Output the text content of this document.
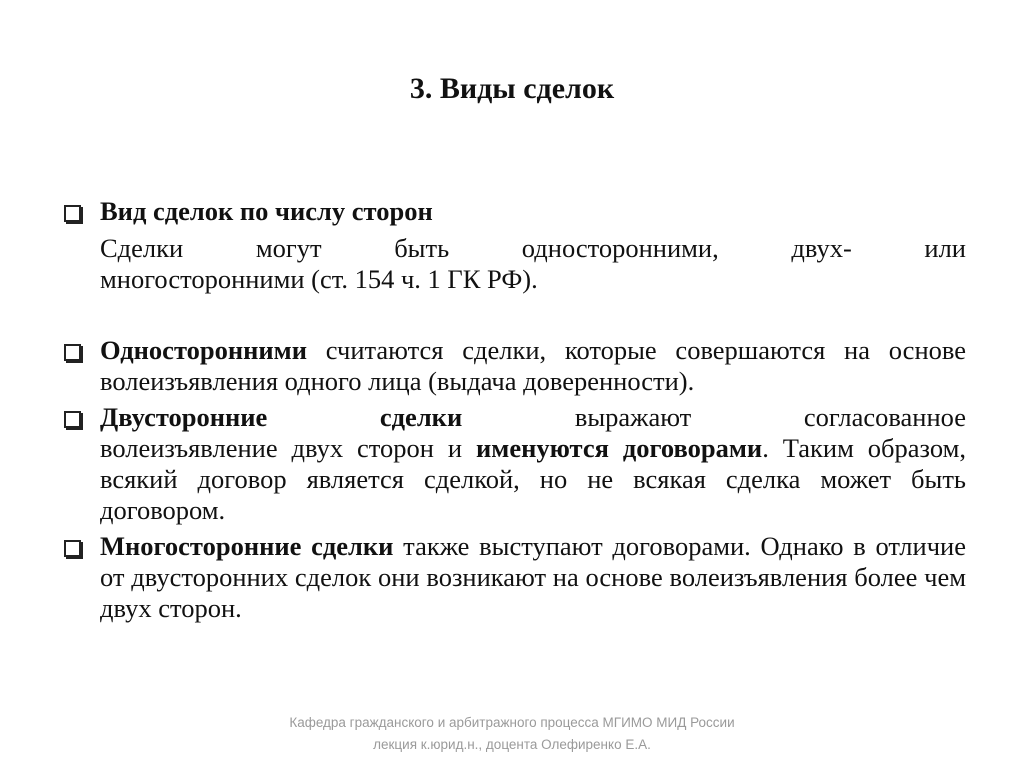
3. Виды сделок
Вид сделок по числу сторон
Сделки могут быть односторонними, двух- или
многосторонними (ст. 154 ч. 1 ГК РФ).
Односторонними считаются сделки, которые совершаются на основе волеизъявления одного лица (выдача доверенности).
Двусторонние	сделки	выражают	согласованное
волеизъявление двух сторон и именуются договорами. Таким образом, всякий договор является сделкой, но не всякая сделка может быть договором.
Многосторонние сделки также выступают договорами. Однако в отличие от двусторонних сделок они возникают на основе волеизъявления более чем двух сторон.
Кафедра гражданского и арбитражного процесса МГИМО МИД России
лекция к.юрид.н., доцента Олефиренко Е.А.
